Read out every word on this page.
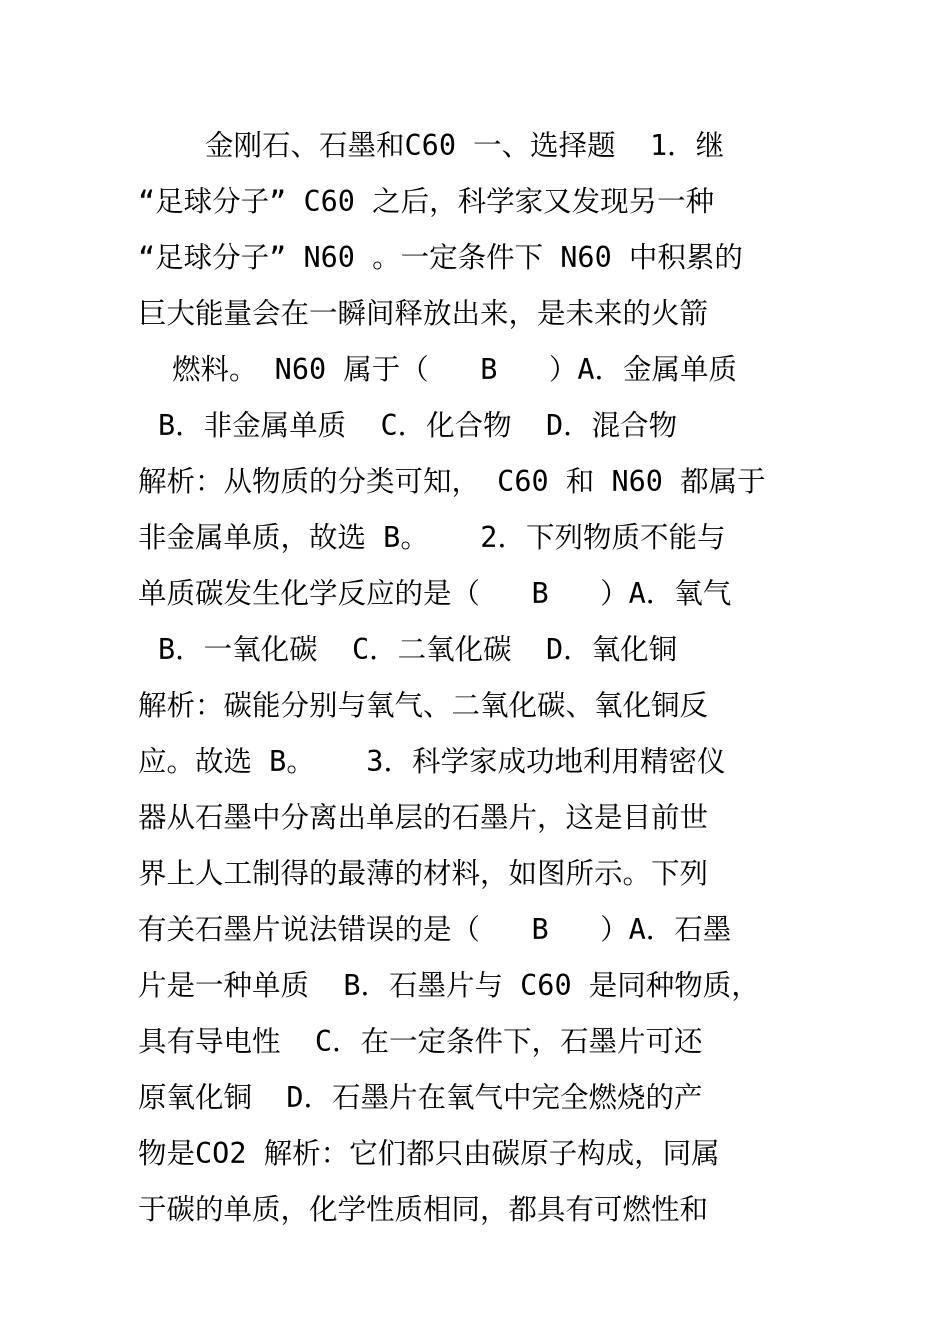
金刚石、石墨和C60 一、选择题  1．继
“足球分子” C60 之后，科学家又发现另一种
“足球分子” N60 。一定条件下 N60 中积累的
巨大能量会在一瞬间释放出来，是未来的火箭
燃料。 N60 属于（   B   ）A．金属单质
B．非金属单质  C．化合物  D．混合物
解析：从物质的分类可知， C60 和 N60 都属于
非金属单质，故选 B。   2．下列物质不能与
单质碳发生化学反应的是（   B   ）A．氧气
B．一氧化碳  C．二氧化碳  D．氧化铜
解析：碳能分别与氧气、二氧化碳、氧化铜反
应。故选 B。   3．科学家成功地利用精密仪
器从石墨中分离出单层的石墨片，这是目前世
界上人工制得的最薄的材料，如图所示。下列
有关石墨片说法错误的是（   B   ）A．石墨
片是一种单质  B．石墨片与 C60 是同种物质，
具有导电性  C．在一定条件下，石墨片可还
原氧化铜  D．石墨片在氧气中完全燃烧的产
物是CO2 解析：它们都只由碳原子构成，同属
于碳的单质，化学性质相同，都具有可燃性和
